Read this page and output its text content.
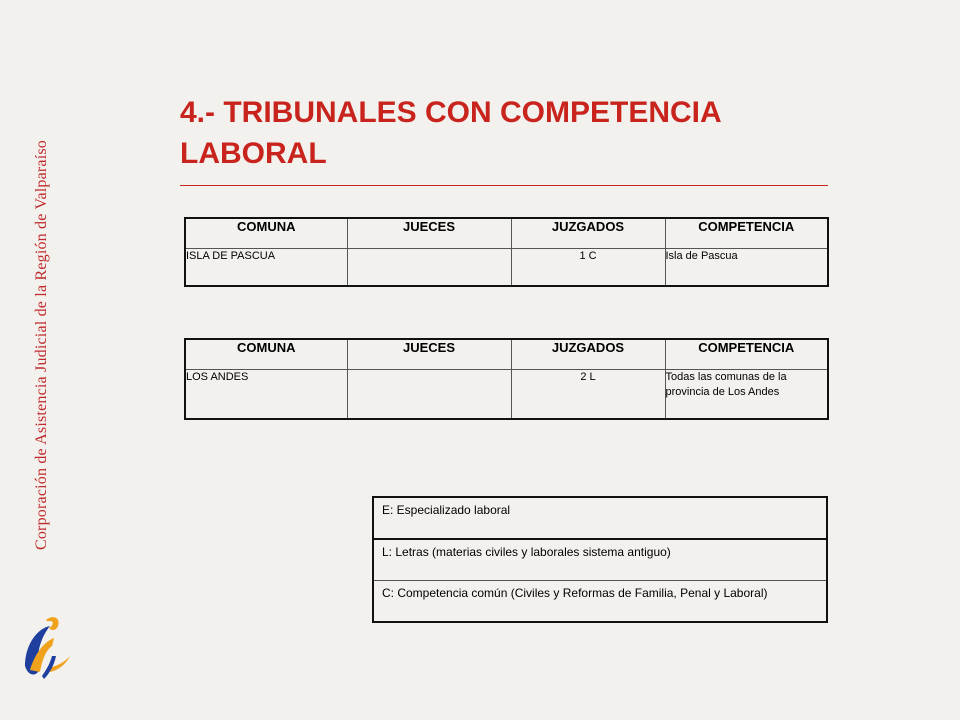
Corporación de Asistencia Judicial de la Región de Valparaíso
4.- TRIBUNALES CON COMPETENCIA LABORAL
COMUNA	JUECES	JUZGADOS	COMPETENCIA
ISLA DE PASCUA		1 C	Isla de Pascua
COMUNA	JUECES	JUZGADOS	COMPETENCIA
LOS ANDES		2 L	Todas las comunas de la provincia de Los Andes
E: Especializado laboral
L: Letras (materias civiles y laborales sistema antiguo)
C: Competencia común (Civiles y Reformas de Familia, Penal y Laboral)
